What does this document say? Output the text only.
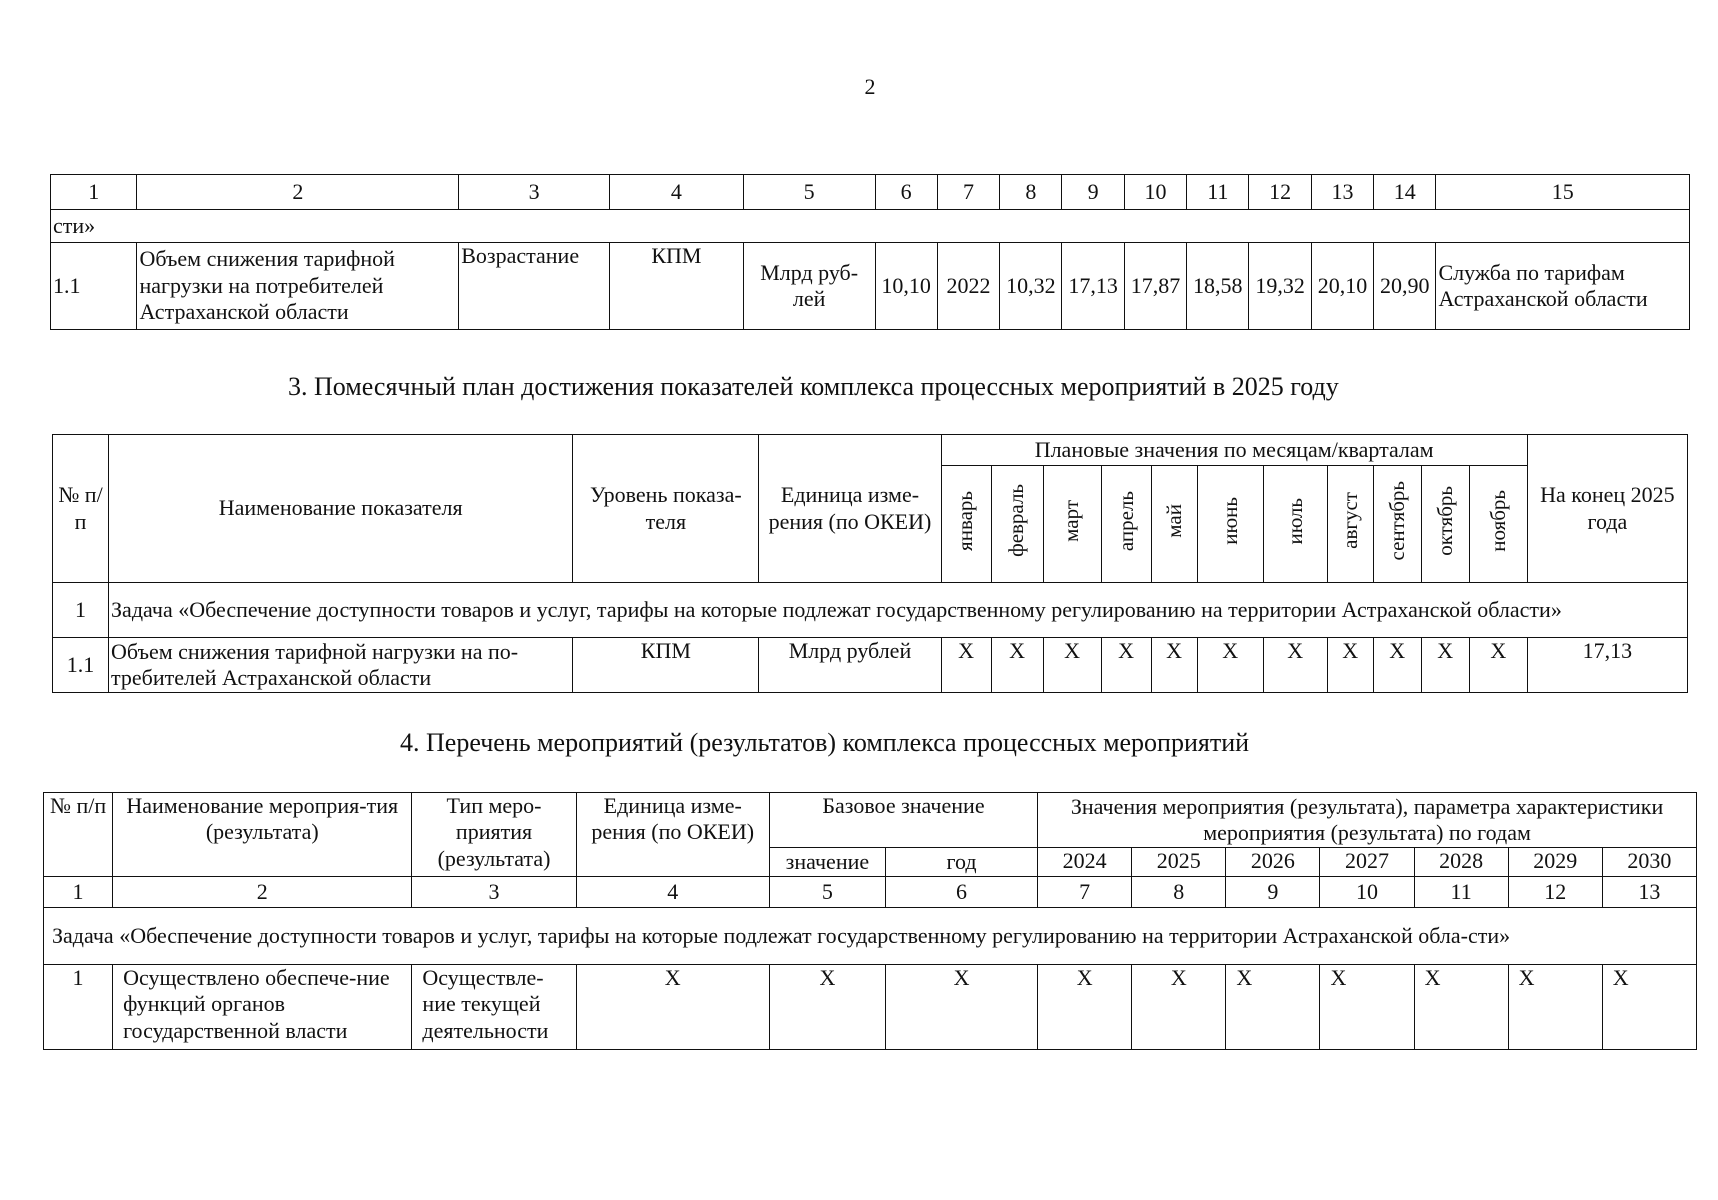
2
1	2	3	4	5	6	7	8	9	10	11	12	13	14	15
сти»														
1.1	Объем снижения тарифной нагрузки на потребителей Астраханской области	Возрастание	КПМ	Млрд руб-лей	10,10	2022	10,32	17,13	17,87	18,58	19,32	20,10	20,90	Служба по тарифам Астраханской области
3. Помесячный план достижения показателей комплекса процессных мероприятий в 2025 году
№ п/п	Наименование показателя	Уровень показа-теля	Единица изме-рения (по ОКЕИ)	Плановые значения по месяцам/кварталам											На конец 2025 года
				январь	февраль	март	апрель	май	июнь	июль	август	сентябрь	октябрь	ноябрь	
1	Задача «Обеспечение доступности товаров и услуг, тарифы на которые подлежат государственному регулированию на территории Астраханской области»														
1.1	Объем снижения тарифной нагрузки на по-требителей Астраханской области	КПМ	Млрд рублей	X	X	X	X	X	X	X	X	X	X	X	17,13
4. Перечень мероприятий (результатов) комплекса процессных мероприятий
№ п/п	Наименование мероприя-тия (результата)	Тип меро-приятия (результата)	Единица изме-рения (по ОКЕИ)	Базовое значение		Значения мероприятия (результата), параметра характеристики мероприятия (результата) по годам						
						2024	2025	2026	2027	2028	2029	2030
				значение	год							
1	2	3	4	5	6	7	8	9	10	11	12	13
Задача «Обеспечение доступности товаров и услуг, тарифы на которые подлежат государственному регулированию на территории Астраханской обла-сти»												
1	Осуществлено обеспече-ние функций органов государственной власти	Осуществле-ние текущей деятельности	X	X	X	X	X	X	X	X	X	X
